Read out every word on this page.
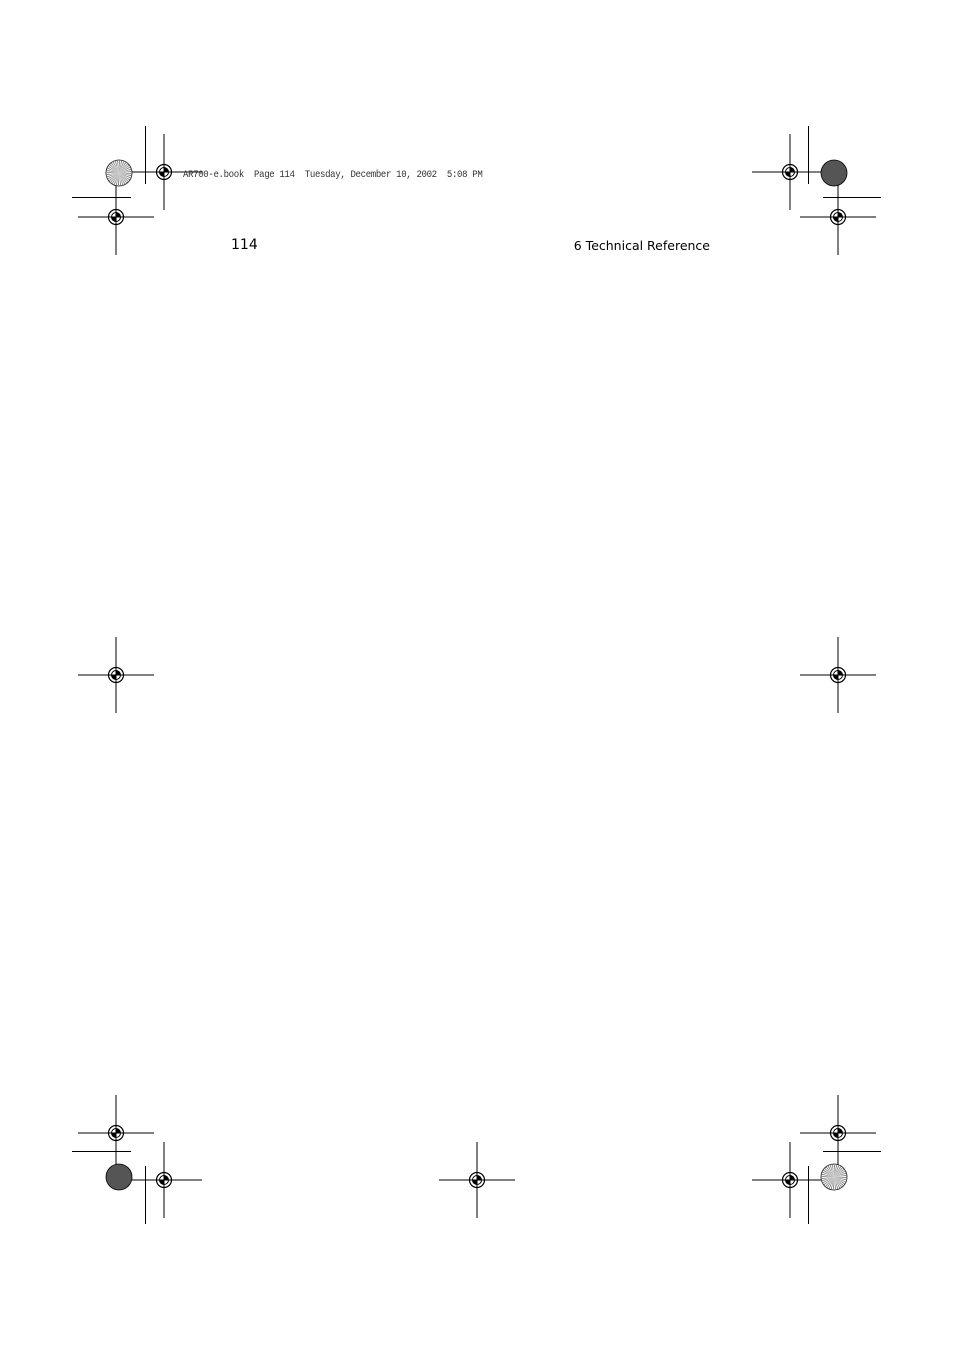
AR700-e.book  Page 114  Tuesday, December 10, 2002  5:08 PM
114	6 Technical Reference
